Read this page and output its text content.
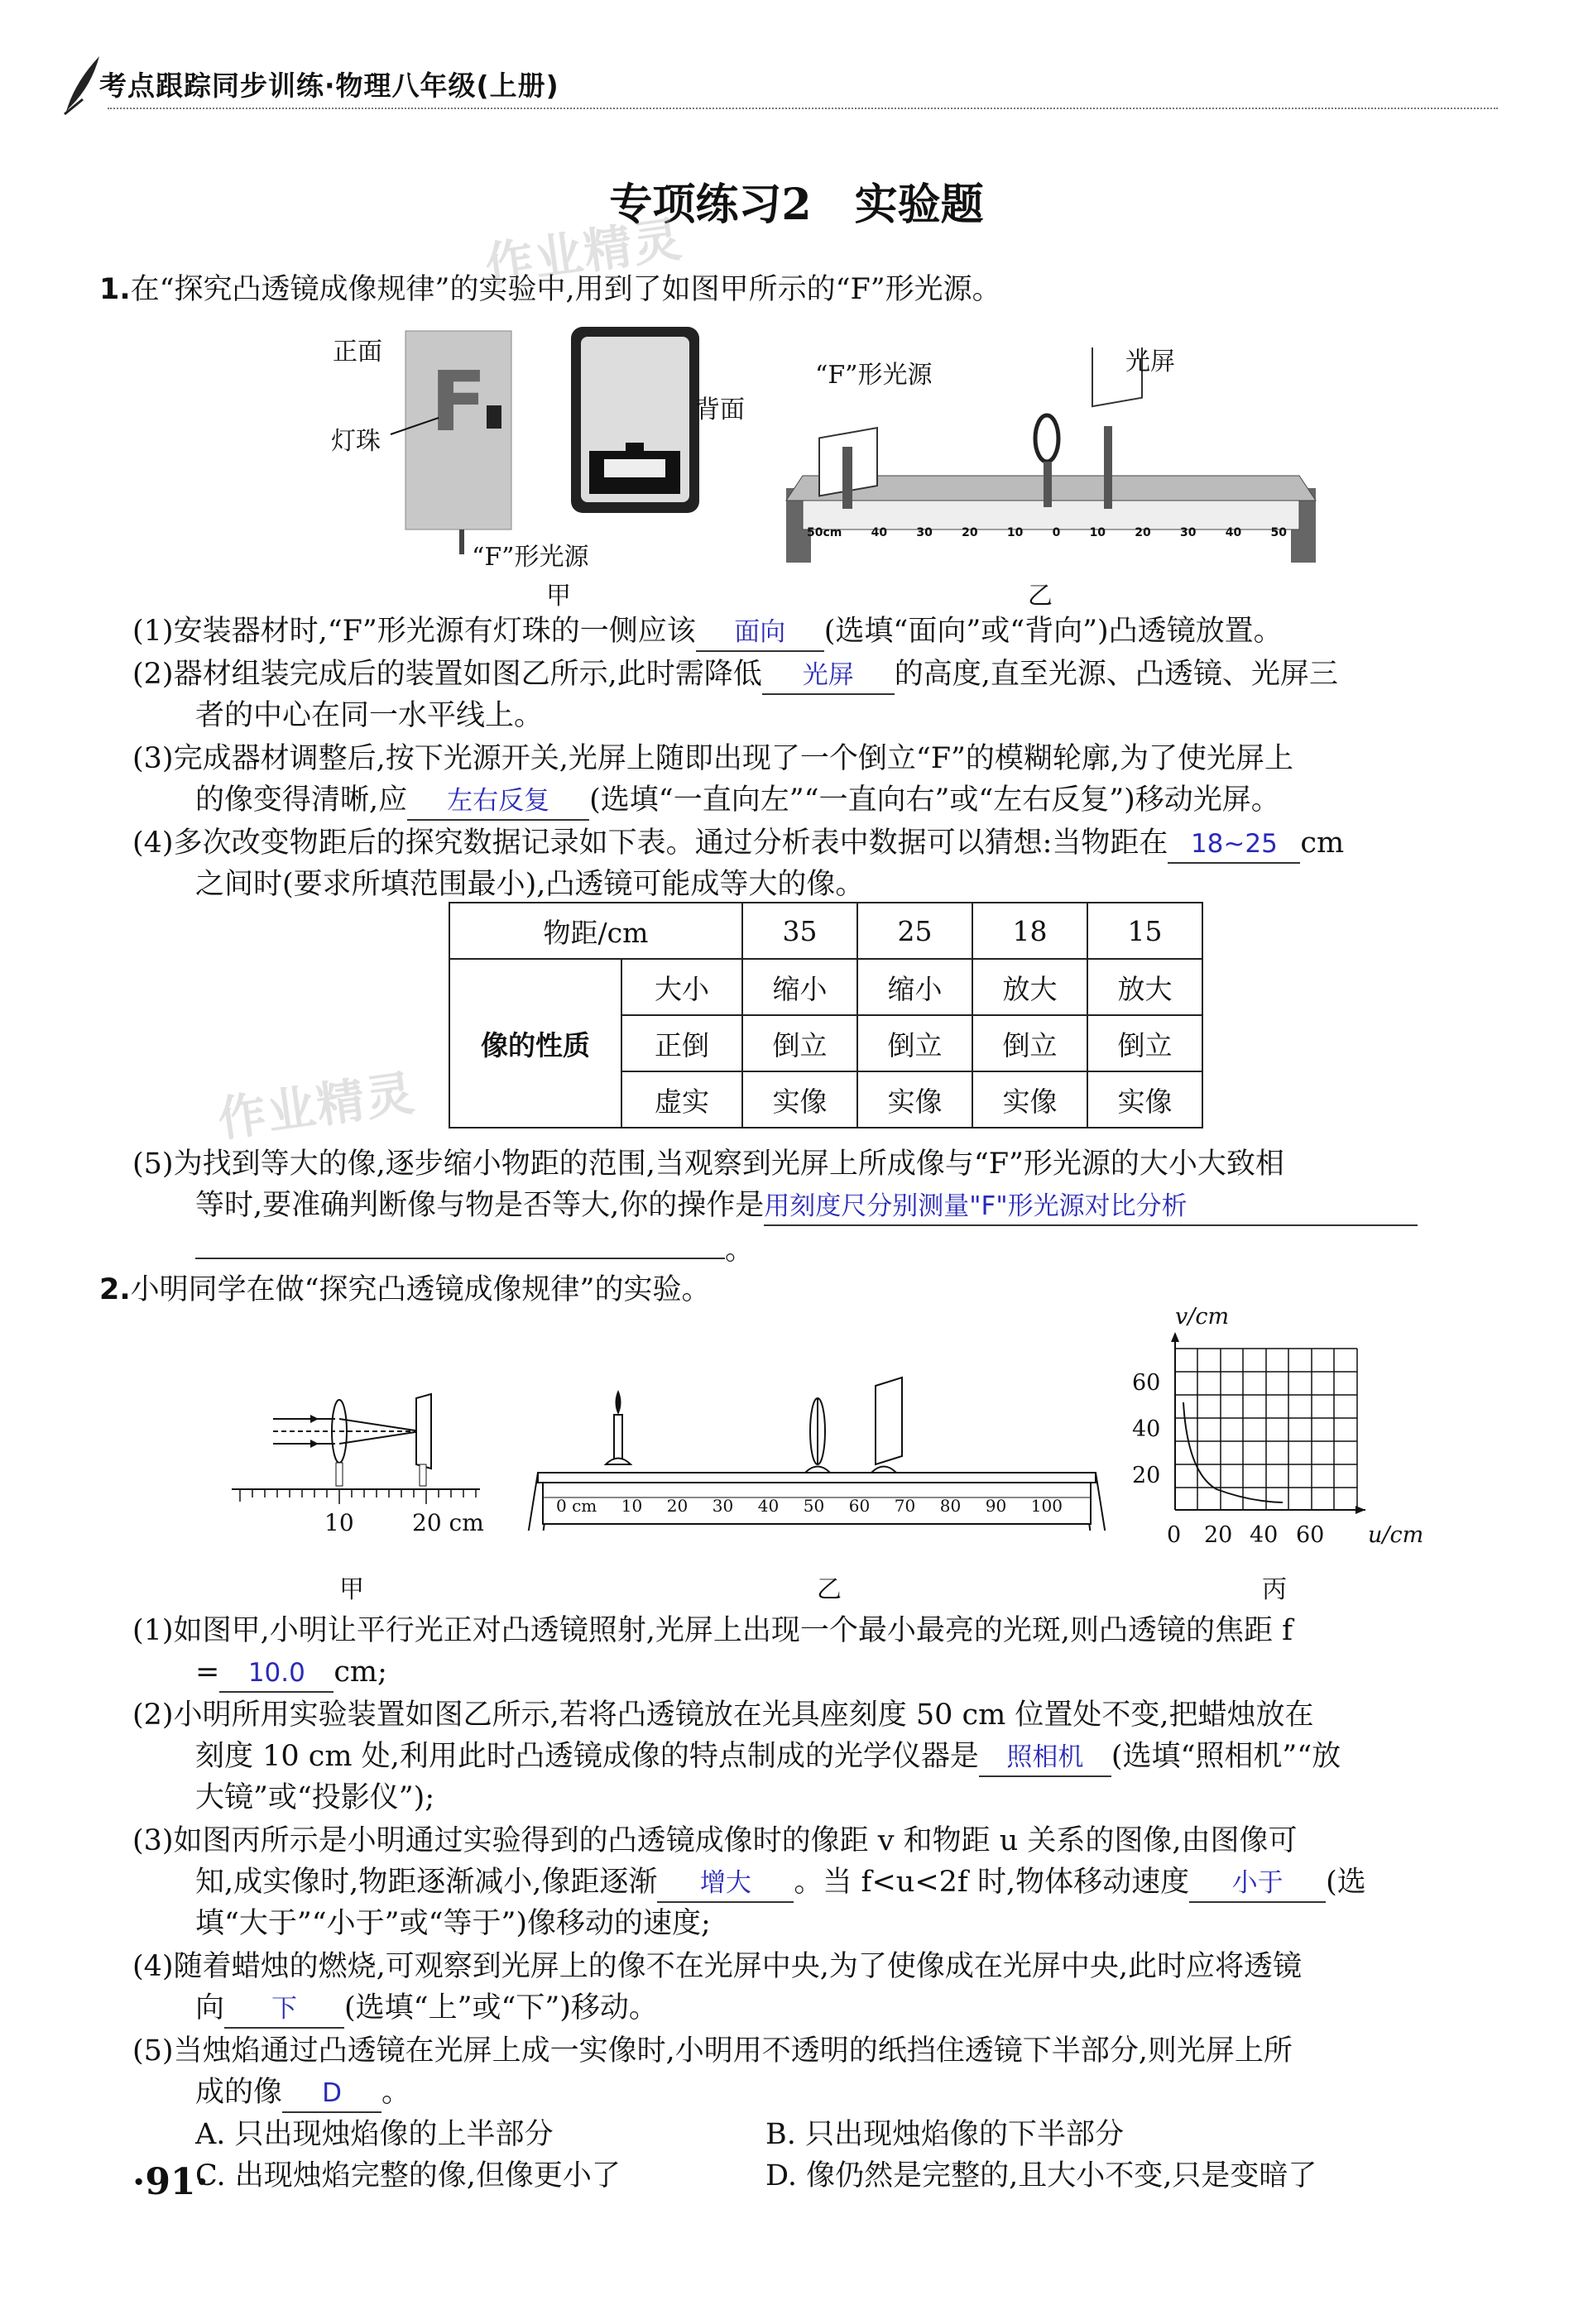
考点跟踪同步训练·物理八年级(上册)
专项练习2　实验题
作业精灵
作业精灵
1.在“探究凸透镜成像规律”的实验中,用到了如图甲所示的“F”形光源。
F
正面
灯珠
背面
“F”形光源
甲
50cm	40	30	20	10	0	10	20	30	40	50
“F”形光源	光屏
乙
(1)安装器材时,“F”形光源有灯珠的一侧应该 面向 (选填“面向”或“背向”)凸透镜放置。
(2)器材组装完成后的装置如图乙所示,此时需降低 光屏 的高度,直至光源、凸透镜、光屏三
者的中心在同一水平线上。
(3)完成器材调整后,按下光源开关,光屏上随即出现了一个倒立“F”的模糊轮廓,为了使光屏上
的像变得清晰,应 左右反复 (选填“一直向左”“一直向右”或“左右反复”)移动光屏。
(4)多次改变物距后的探究数据记录如下表。通过分析表中数据可以猜想:当物距在 18~25 cm
之间时(要求所填范围最小),凸透镜可能成等大的像。
物距/cm		35	25	18	15
像的性质	大小	缩小	缩小	放大	放大
	正倒	倒立	倒立	倒立	倒立
	虚实	实像	实像	实像	实像
(5)为找到等大的像,逐步缩小物距的范围,当观察到光屏上所成像与“F”形光源的大小大致相
等时,要准确判断像与物是否等大,你的操作是用刻度尺分别测量"F"形光源对比分析
。
2.小明同学在做“探究凸透镜成像规律”的实验。
10	20 cm
甲
0 cm 10 20 30 40 50 60 70 80 90 100
乙
v/cm
60
40
20
0 20 40 60 u/cm
丙
(1)如图甲,小明让平行光正对凸透镜照射,光屏上出现一个最小最亮的光斑,则凸透镜的焦距 f
= 10.0 cm;
(2)小明所用实验装置如图乙所示,若将凸透镜放在光具座刻度 50 cm 位置处不变,把蜡烛放在
刻度 10 cm 处,利用此时凸透镜成像的特点制成的光学仪器是 照相机 (选填“照相机”“放
大镜”或“投影仪”);
(3)如图丙所示是小明通过实验得到的凸透镜成像时的像距 v 和物距 u 关系的图像,由图像可
知,成实像时,物距逐渐减小,像距逐渐 增大 。当 f<u<2f 时,物体移动速度 小于 (选
填“大于”“小于”或“等于”)像移动的速度;
(4)随着蜡烛的燃烧,可观察到光屏上的像不在光屏中央,为了使像成在光屏中央,此时应将透镜
向 下 (选填“上”或“下”)移动。
(5)当烛焰通过凸透镜在光屏上成一实像时,小明用不透明的纸挡住透镜下半部分,则光屏上所
成的像 D 。
A. 只出现烛焰像的上半部分	B. 只出现烛焰像的下半部分
C. 出现烛焰完整的像,但像更小了	D. 像仍然是完整的,且大小不变,只是变暗了
·91·
